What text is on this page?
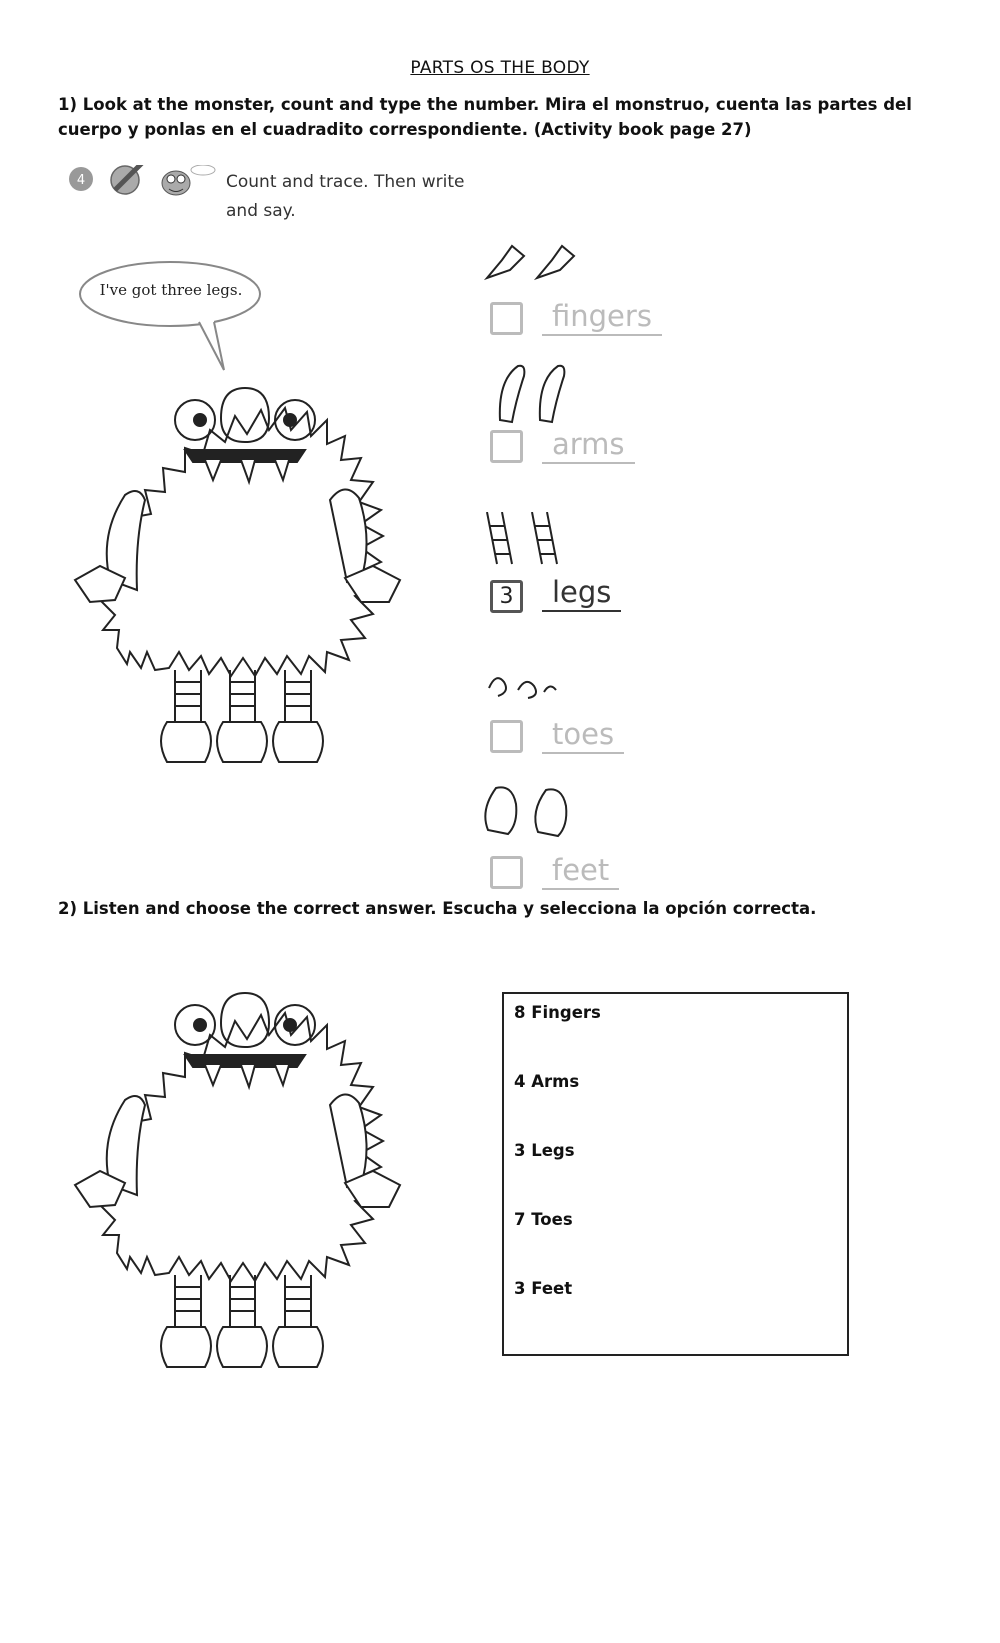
PARTS OS THE BODY
1) Look at the monster, count and type the number. Mira el monstruo, cuenta las partes del cuerpo y ponlas en el cuadradito correspondiente. (Activity book page 27)
4	Count and trace. Then write and say.
I've got three legs.
fingers
arms
3	legs
toes
feet
2) Listen and choose the correct answer. Escucha y selecciona la opción correcta.
8 Fingers
4 Arms
3 Legs
7 Toes
3 Feet
